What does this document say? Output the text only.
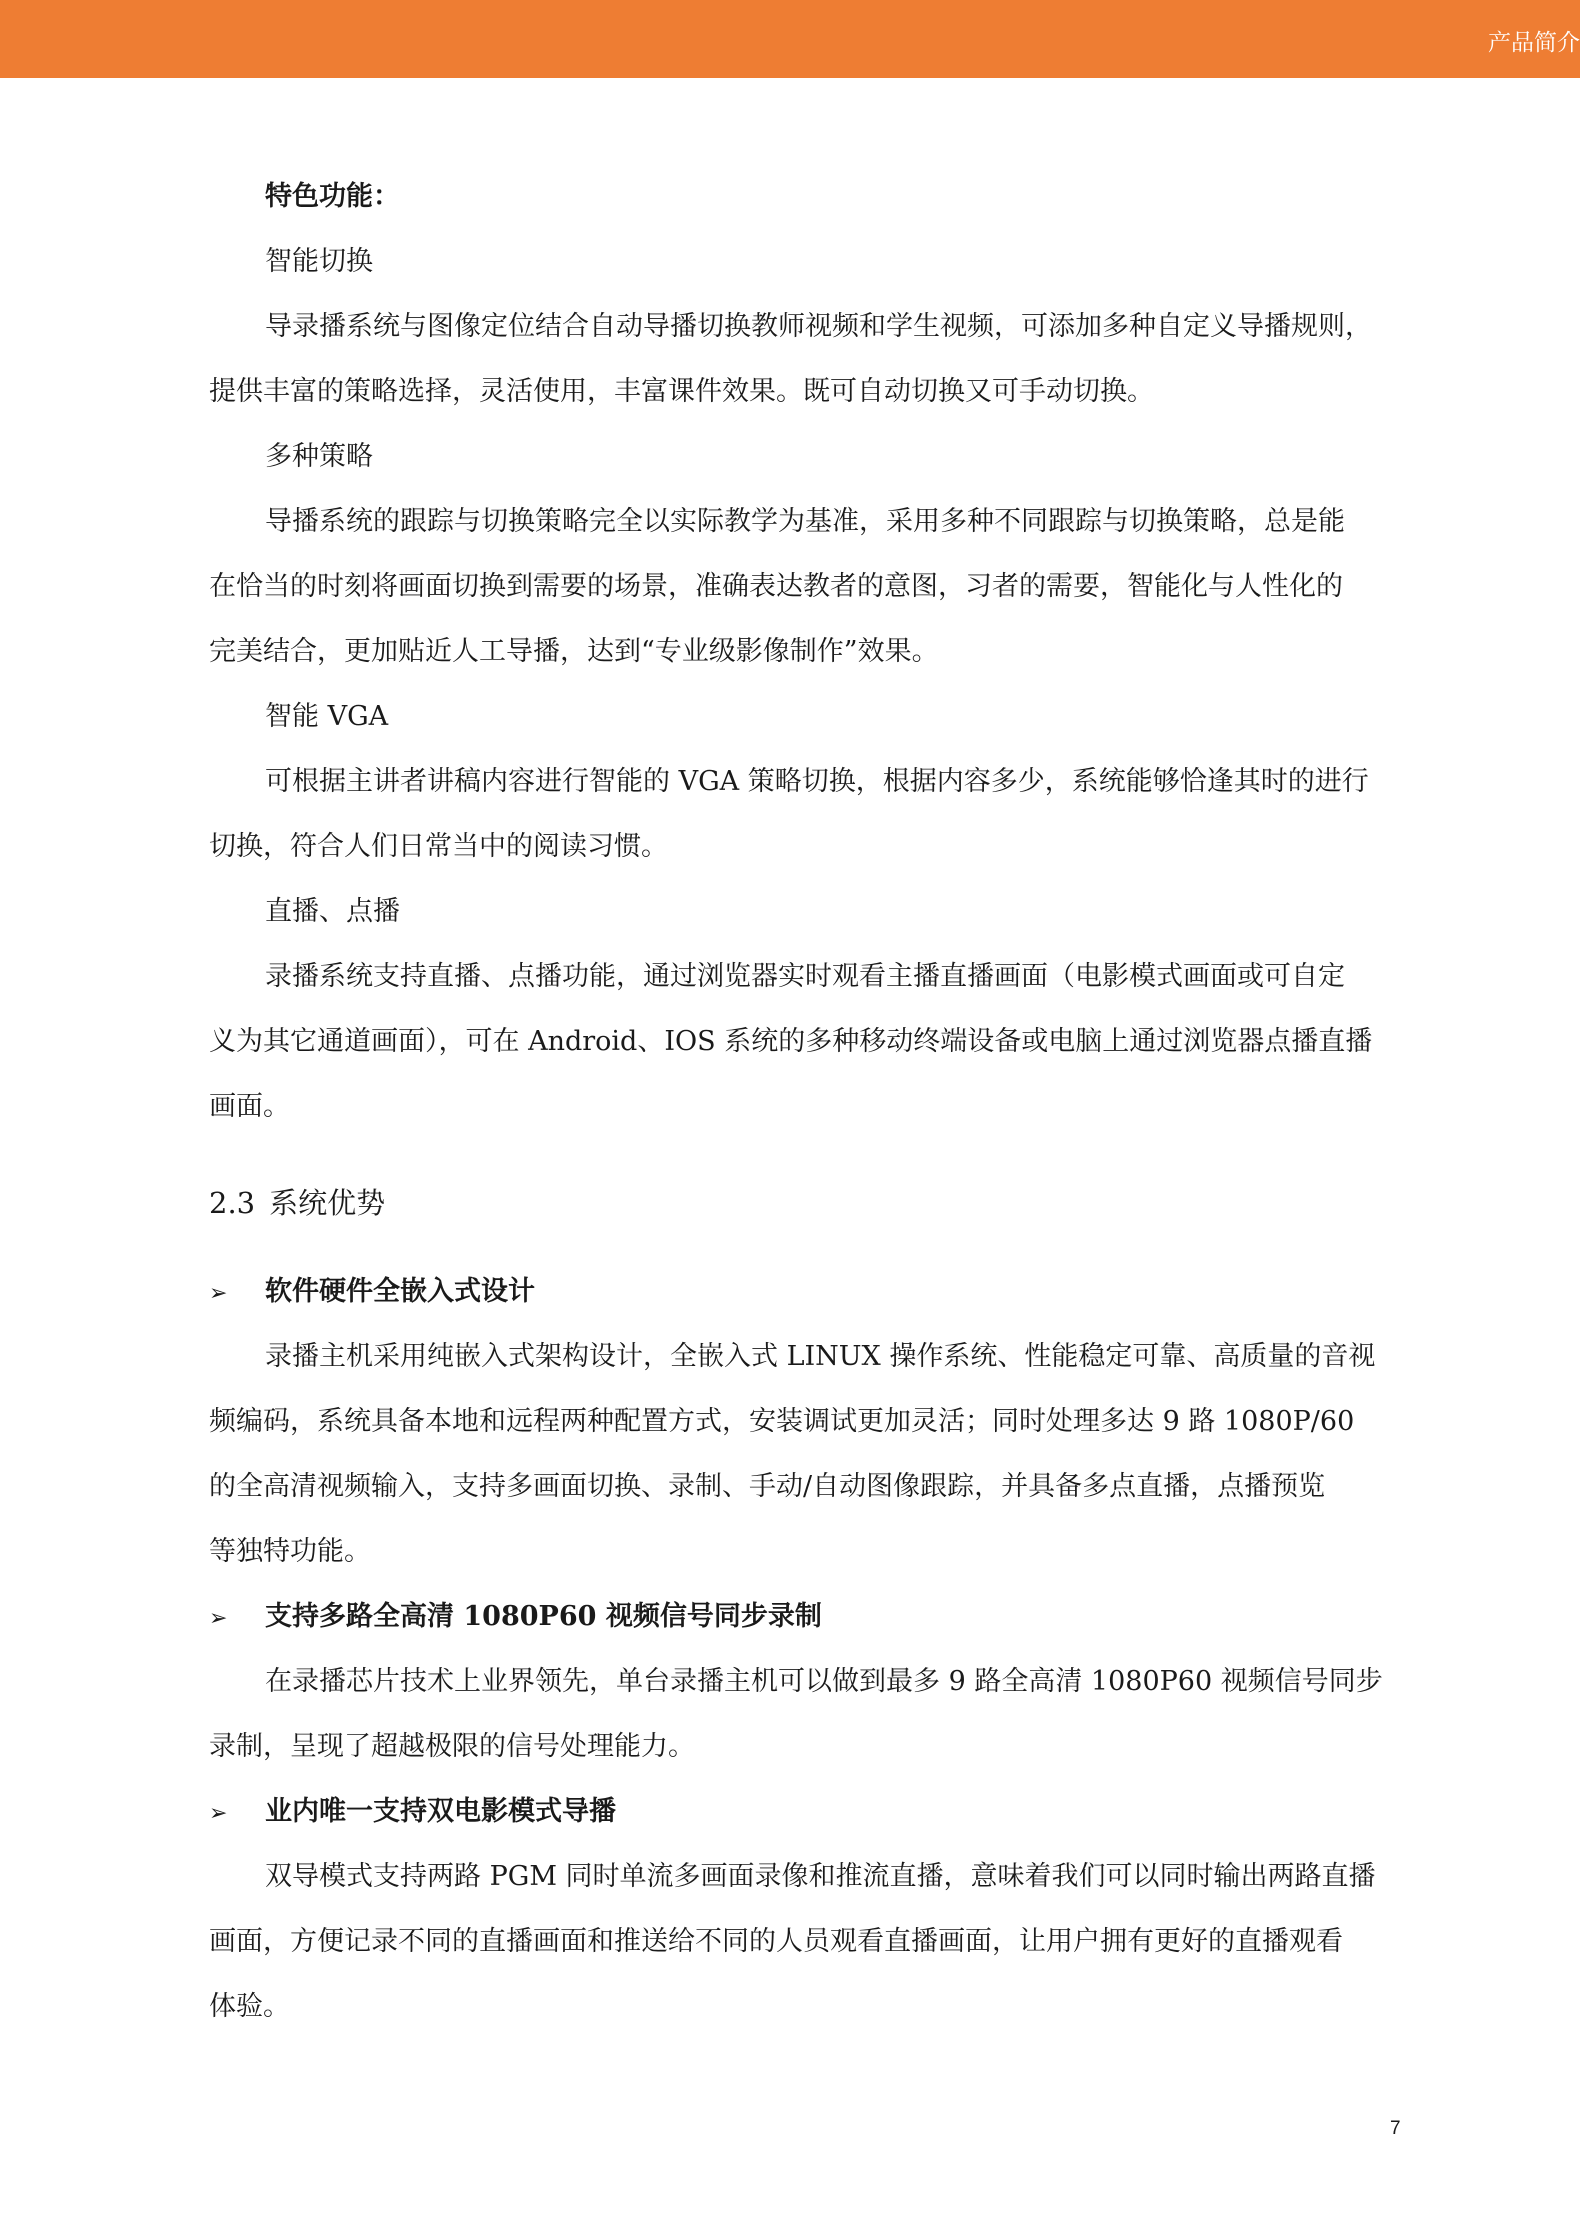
产品简介
特色功能：
智能切换
导录播系统与图像定位结合自动导播切换教师视频和学生视频，可添加多种自定义导播规则，
提供丰富的策略选择，灵活使用，丰富课件效果。既可自动切换又可手动切换。
多种策略
导播系统的跟踪与切换策略完全以实际教学为基准，采用多种不同跟踪与切换策略，总是能
在恰当的时刻将画面切换到需要的场景，准确表达教者的意图，习者的需要，智能化与人性化的
完美结合，更加贴近人工导播，达到“专业级影像制作”效果。
智能 VGA
可根据主讲者讲稿内容进行智能的 VGA 策略切换，根据内容多少，系统能够恰逢其时的进行
切换，符合人们日常当中的阅读习惯。
直播、点播
录播系统支持直播、点播功能，通过浏览器实时观看主播直播画面（电影模式画面或可自定
义为其它通道画面），可在 Android、IOS 系统的多种移动终端设备或电脑上通过浏览器点播直播
画面。
2.3 系统优势
➢ 软件硬件全嵌入式设计
录播主机采用纯嵌入式架构设计，全嵌入式 LINUX 操作系统、性能稳定可靠、高质量的音视
频编码，系统具备本地和远程两种配置方式，安装调试更加灵活；同时处理多达 9 路 1080P/60
的全高清视频输入，支持多画面切换、录制、手动/自动图像跟踪，并具备多点直播，点播预览
等独特功能。
➢ 支持多路全高清 1080P60 视频信号同步录制
在录播芯片技术上业界领先，单台录播主机可以做到最多 9 路全高清 1080P60 视频信号同步
录制，呈现了超越极限的信号处理能力。
➢ 业内唯一支持双电影模式导播
双导模式支持两路 PGM 同时单流多画面录像和推流直播，意味着我们可以同时输出两路直播
画面，方便记录不同的直播画面和推送给不同的人员观看直播画面，让用户拥有更好的直播观看
体验。
7
